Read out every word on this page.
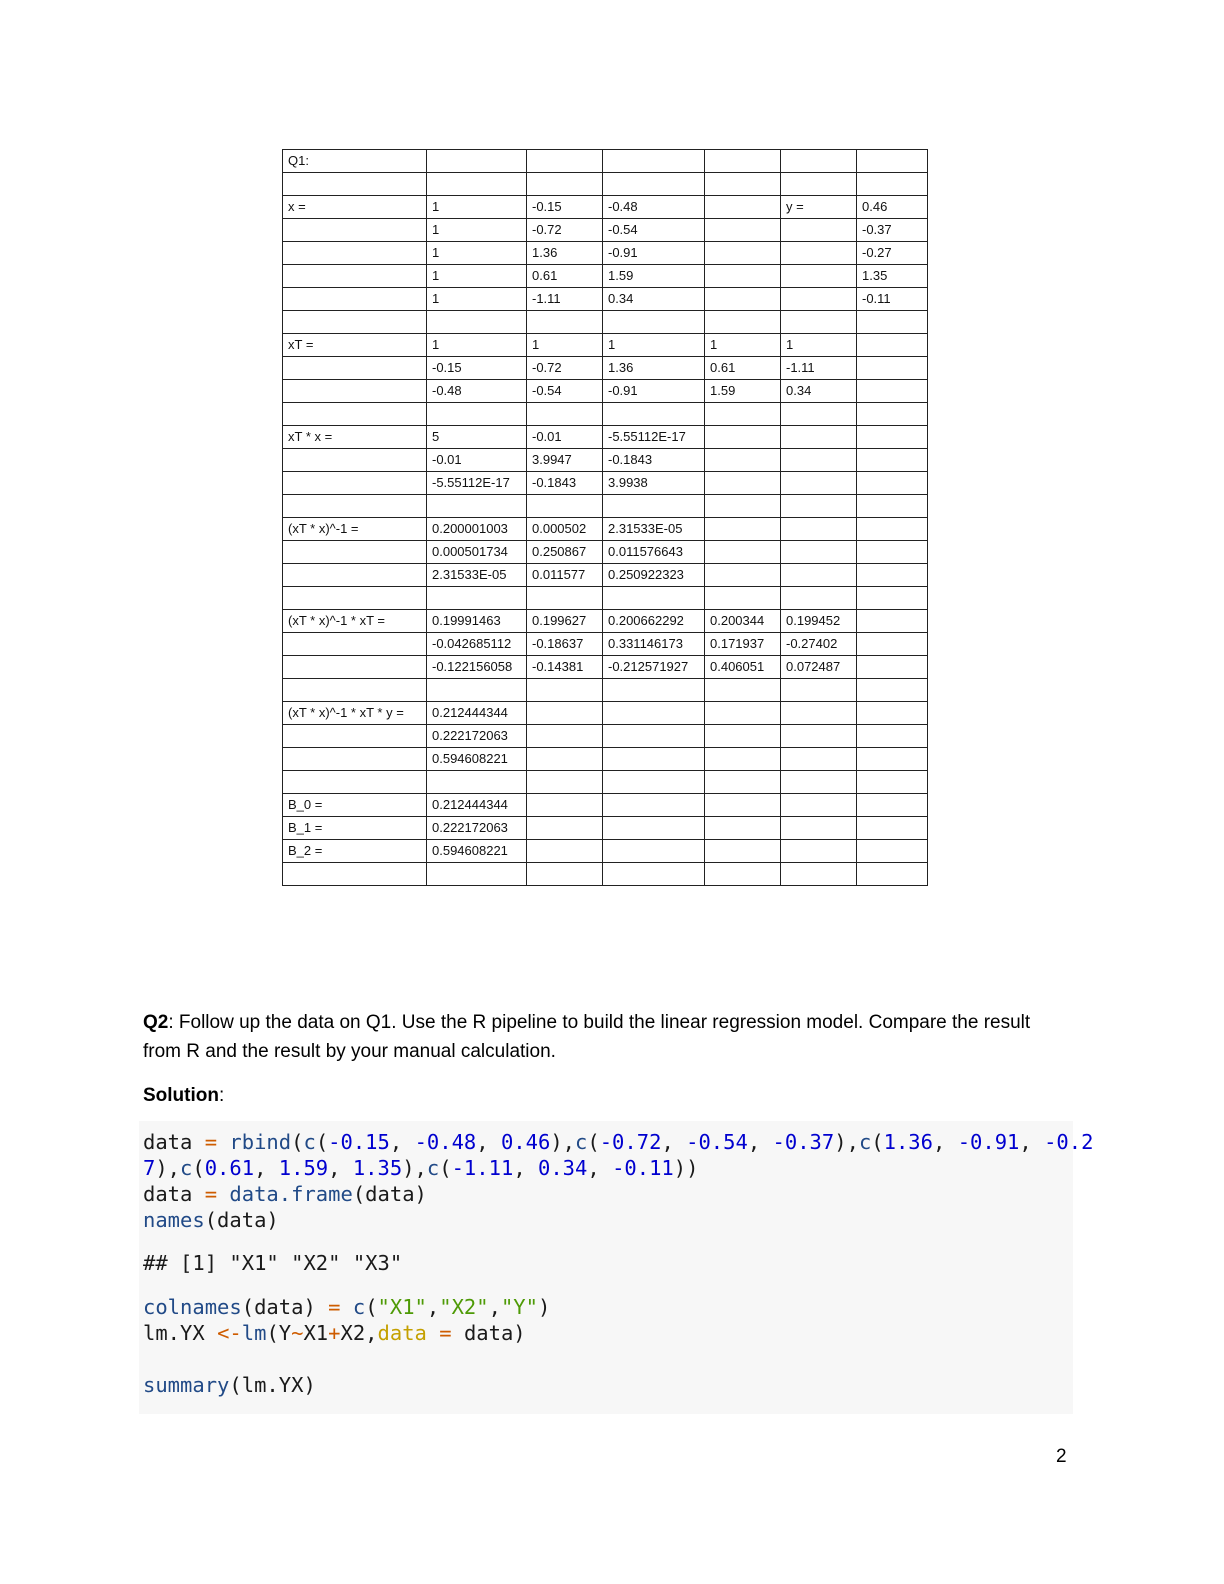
Q1:						

x =	1	-0.15	-0.48		y =	0.46
	1	-0.72	-0.54			-0.37
	1	1.36	-0.91			-0.27
	1	0.61	1.59			1.35
	1	-1.11	0.34			-0.11

xT =	1	1	1	1	1	
	-0.15	-0.72	1.36	0.61	-1.11	
	-0.48	-0.54	-0.91	1.59	0.34	

xT * x =	5	-0.01	-5.55112E-17			
	-0.01	3.9947	-0.1843			
	-5.55112E-17	-0.1843	3.9938			

(xT * x)^-1 =	0.200001003	0.000502	2.31533E-05			
	0.000501734	0.250867	0.011576643			
	2.31533E-05	0.011577	0.250922323			

(xT * x)^-1 * xT =	0.19991463	0.199627	0.200662292	0.200344	0.199452	
	-0.042685112	-0.18637	0.331146173	0.171937	-0.27402	
	-0.122156058	-0.14381	-0.212571927	0.406051	0.072487	

(xT * x)^-1 * xT * y =	0.212444344					
	0.222172063					
	0.594608221					

B_0 =	0.212444344					
B_1 =	0.222172063					
B_2 =	0.594608221					

Q2: Follow up the data on Q1. Use the R pipeline to build the linear regression model. Compare the result from R and the result by your manual calculation.
Solution:
data = rbind(c(-0.15, -0.48, 0.46),c(-0.72, -0.54, -0.37),c(1.36, -0.91, -0.2
7),c(0.61, 1.59, 1.35),c(-1.11, 0.34, -0.11))
data = data.frame(data)
names(data)
## [1] "X1" "X2" "X3"
colnames(data) = c("X1","X2","Y")
lm.YX <-lm(Y~X1+X2,data = data)
summary(lm.YX)
2
